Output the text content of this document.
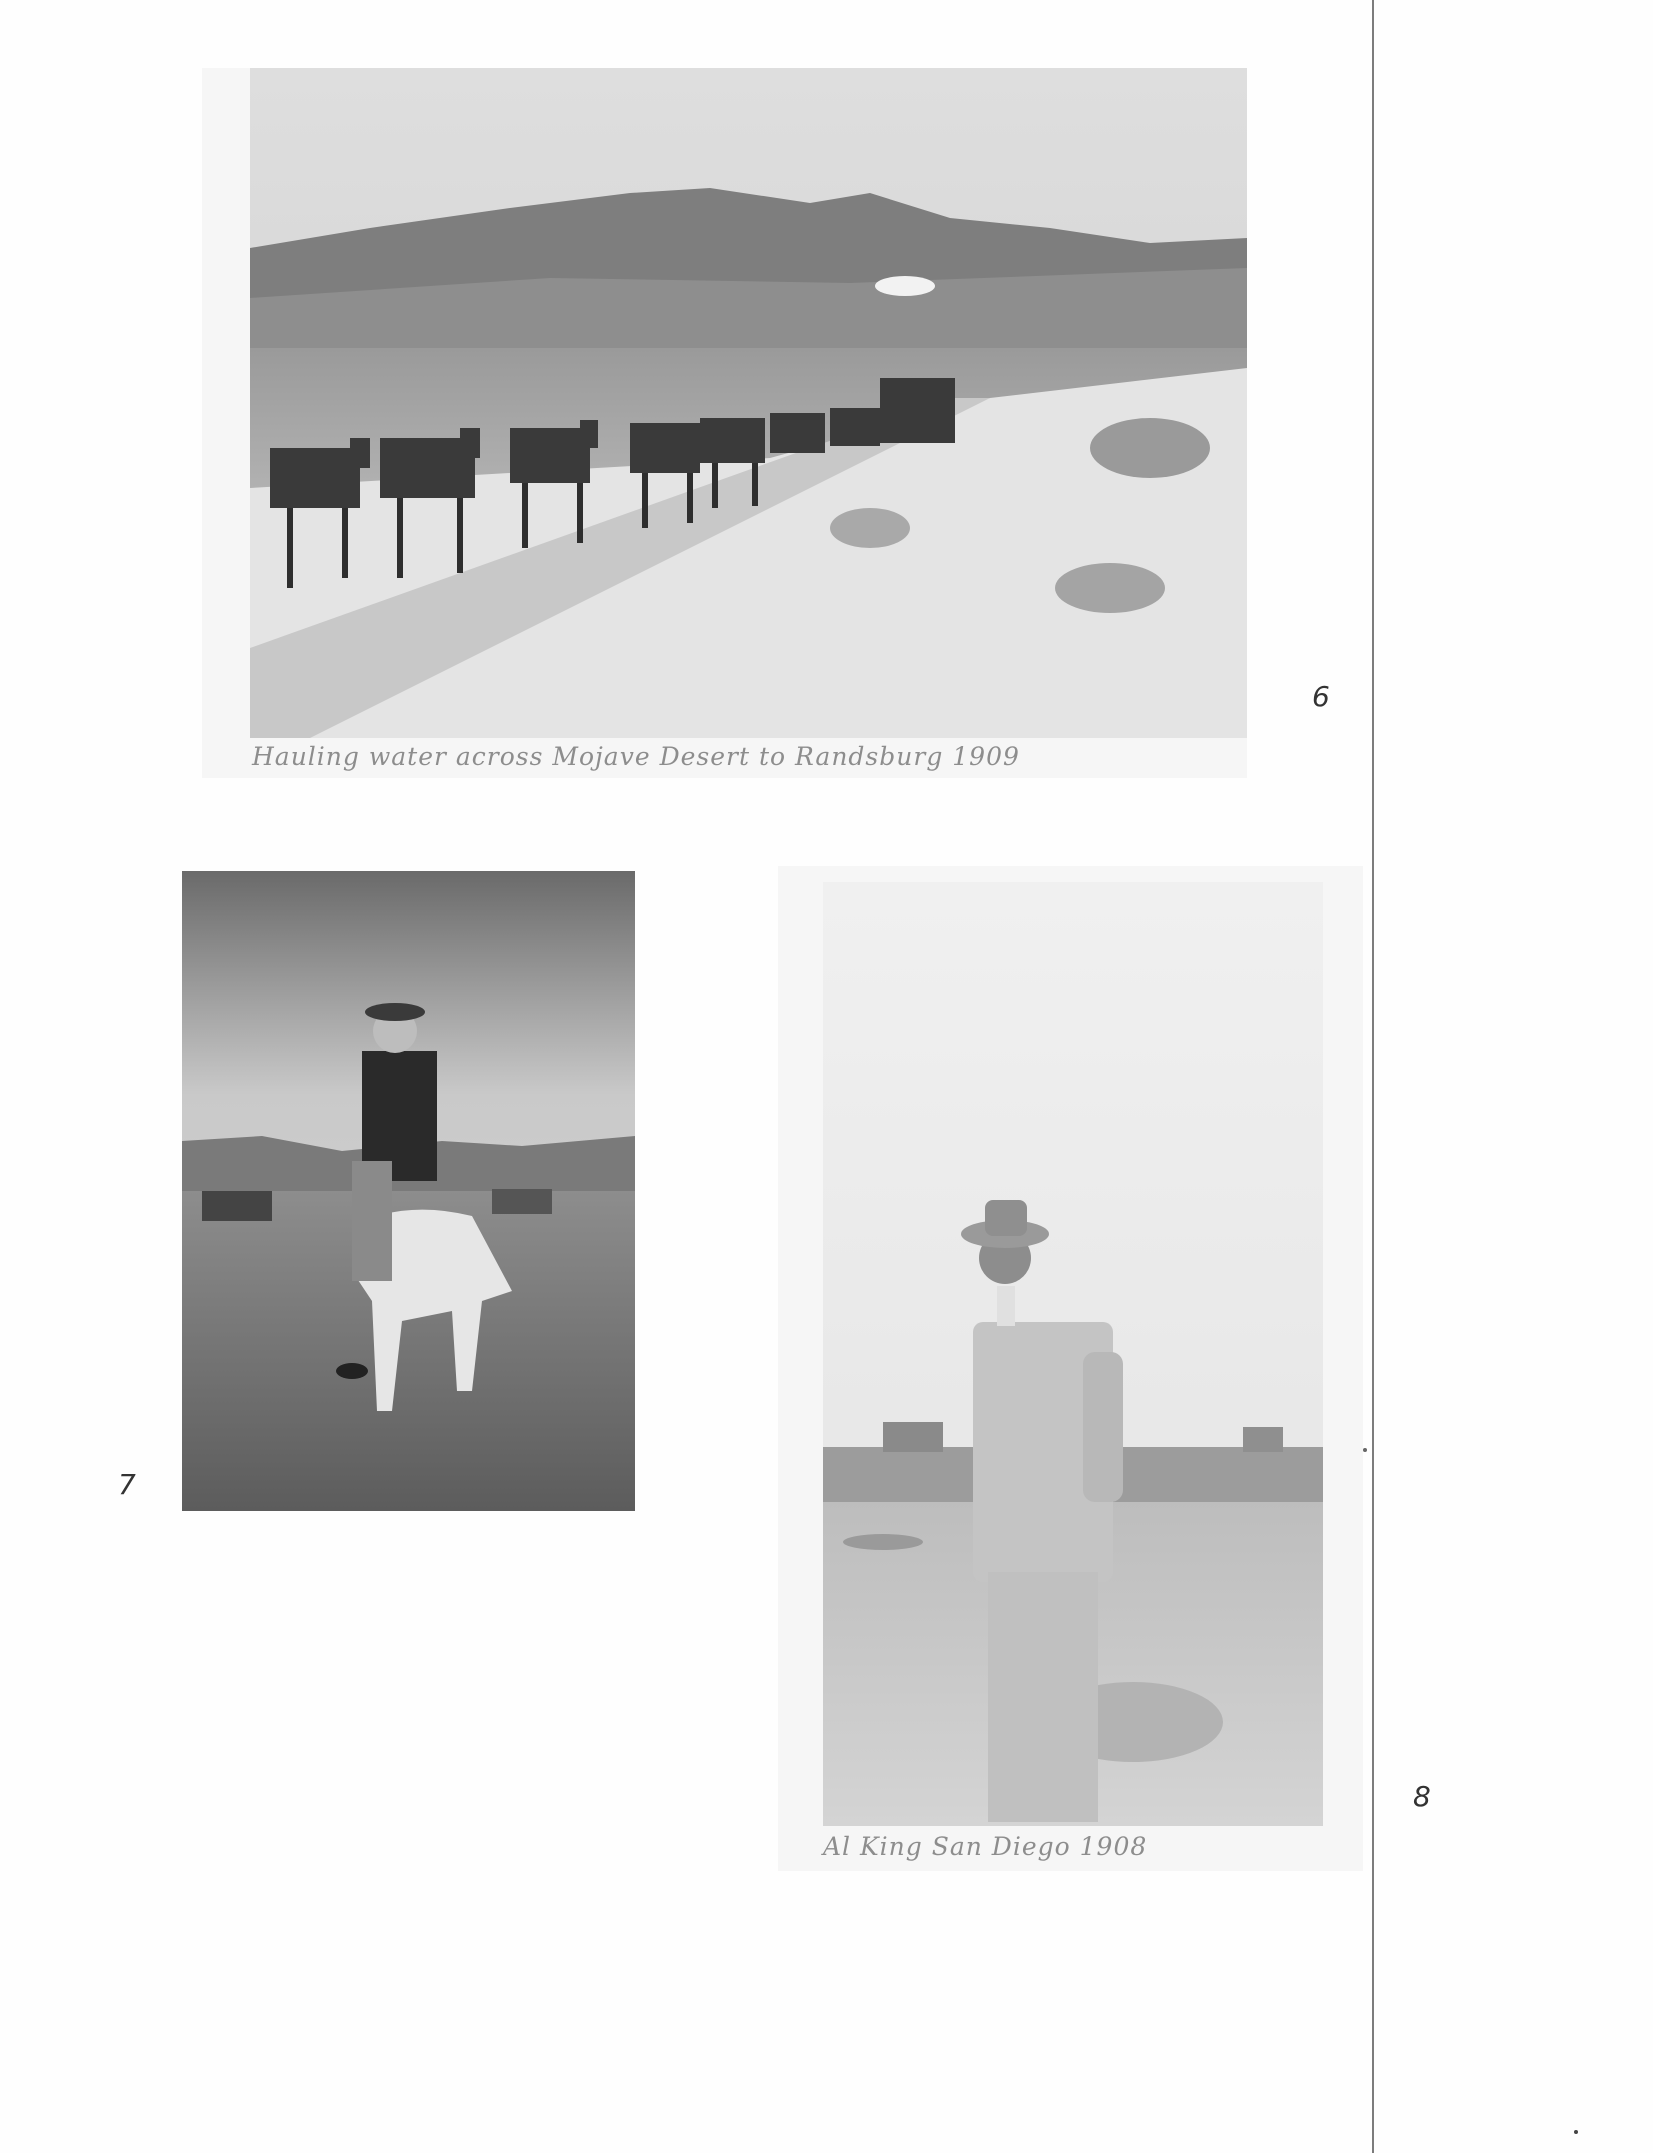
Hauling water across Mojave Desert to Randsburg 1909
6
7
Al King San Diego 1908
8
